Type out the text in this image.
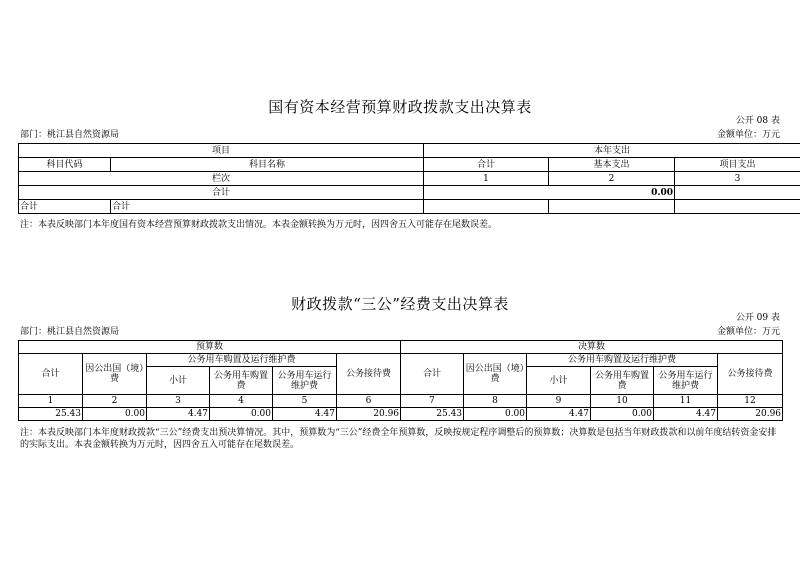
国有资本经营预算财政拨款支出决算表
公开 08 表
部门：桃江县自然资源局	金额单位：万元
项目		本年支出		
科目代码	科目名称	合计	基本支出	项目支出
栏次		1	2	3
合计		0.00		
合计	合计			
注：本表反映部门本年度国有资本经营预算财政拨款支出情况。本表金额转换为万元时，因四舍五入可能存在尾数误差。
财政拨款“三公”经费支出决算表
公开 09 表
部门：桃江县自然资源局	金额单位：万元
预算数						决算数					
合计	因公出国（境）费	公务用车购置及运行维护费			公务接待费	合计	因公出国（境）费	公务用车购置及运行维护费			公务接待费
		小计	公务用车购置费	公务用车运行维护费				小计	公务用车购置费	公务用车运行维护费	
1	2	3	4	5	6	7	8	9	10	11	12
25.43	0.00	4.47	0.00	4.47	20.96	25.43	0.00	4.47	0.00	4.47	20.96
注：本表反映部门本年度财政拨款“三公”经费支出预决算情况。其中，预算数为“三公”经费全年预算数，反映按规定程序调整后的预算数；决算数是包括当年财政拨款和以前年度结转资金安排的实际支出。本表金额转换为万元时，因四舍五入可能存在尾数误差。
